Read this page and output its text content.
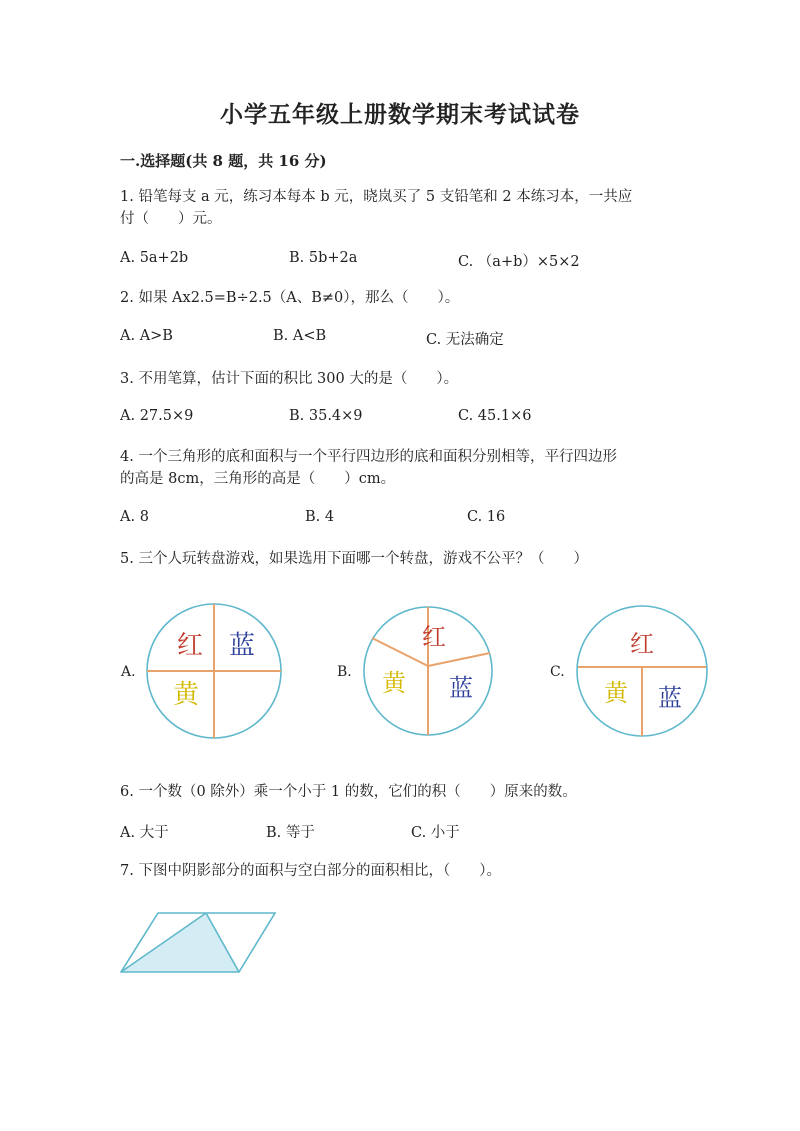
小学五年级上册数学期末考试试卷
一.选择题(共 8 题，共 16 分)
1. 铅笔每支 a 元，练习本每本 b 元，晓岚买了 5 支铅笔和 2 本练习本，一共应
付（　　）元。
A. 5a+2b	B. 5b+2a	C. （a+b）×5×2
2. 如果 Ax2.5=B÷2.5（A、B≠0），那么（　　）。
A. A>B	B. A<B	C. 无法确定
3. 不用笔算，估计下面的积比 300 大的是（　　）。
A. 27.5×9	B. 35.4×9	C. 45.1×6
4. 一个三角形的底和面积与一个平行四边形的底和面积分别相等，平行四边形
的高是 8cm，三角形的高是（　　）cm。
A. 8	B. 4	C. 16
5. 三个人玩转盘游戏，如果选用下面哪一个转盘，游戏不公平？（　　）
A.
红 蓝
黄
B.
红
黄 蓝
C.
红
黄 蓝
6. 一个数（0 除外）乘一个小于 1 的数，它们的积（　　）原来的数。
A. 大于	B. 等于	C. 小于
7. 下图中阴影部分的面积与空白部分的面积相比，（　　）。
